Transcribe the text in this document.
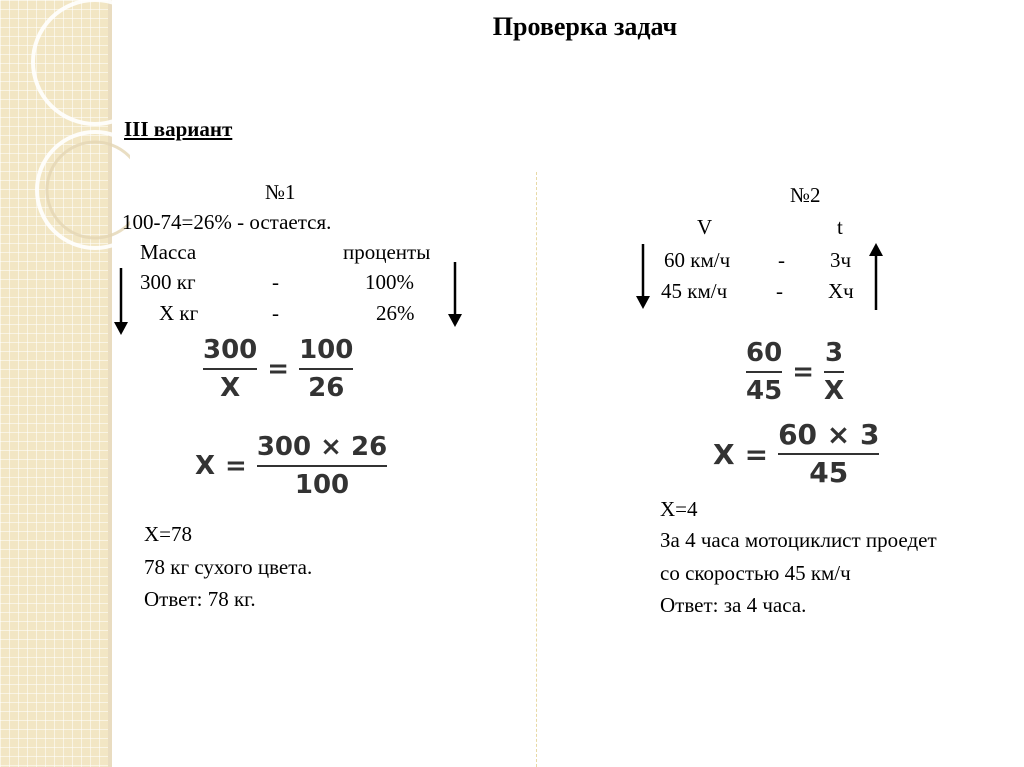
Проверка задач
III вариант
№1
100-74=26% - остается.
Масса	проценты
300 кг	-	100%
X кг	-	26%
300
X
=
100
26
X =
300 × 26
100
X=78
78 кг сухого цвета.
Ответ: 78 кг.
№2
V	t
60 км/ч - 3ч
45 км/ч - Хч
60
45
=
3
X
X =
60 × 3
45
X=4
За 4 часа мотоциклист проедет
со скоростью 45 км/ч
Ответ: за 4 часа.
